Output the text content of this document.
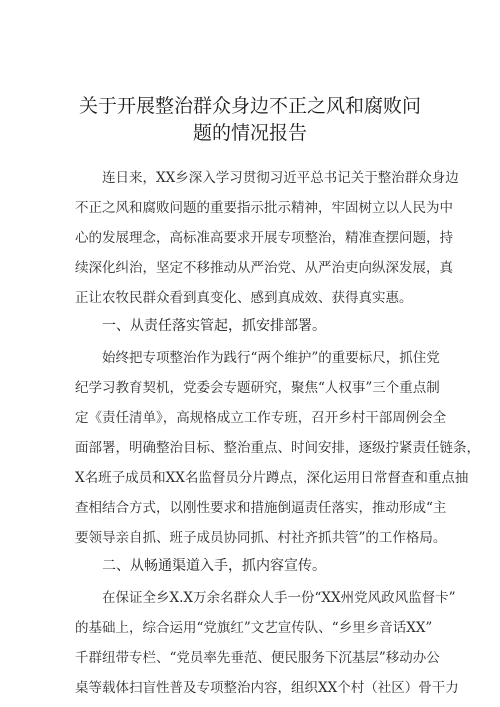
关于开展整治群众身边不正之风和腐败问
题的情况报告
连日来，XX乡深入学习贯彻习近平总书记关于整治群众身边
不正之风和腐败问题的重要指示批示精神，牢固树立以人民为中
心的发展理念，高标准高要求开展专项整治，精准查摆问题，持
续深化纠治，坚定不移推动从严治党、从严治吏向纵深发展，真
正让农牧民群众看到真变化、感到真成效、获得真实惠。
一、从责任落实管起，抓安排部署。
始终把专项整治作为践行“两个维护”的重要标尺，抓住党
纪学习教育契机，党委会专题研究，聚焦“人权事”三个重点制
定《责任清单》，高规格成立工作专班，召开乡村干部周例会全
面部署，明确整治目标、整治重点、时间安排，逐级拧紧责任链条，
X名班子成员和XX名监督员分片蹲点，深化运用日常督查和重点抽
查相结合方式，以刚性要求和措施倒逼责任落实，推动形成“主
要领导亲自抓、班子成员协同抓、村社齐抓共管”的工作格局。
二、从畅通渠道入手，抓内容宣传。
在保证全乡X.X万余名群众人手一份“XX州党风政风监督卡”
的基础上，综合运用“党旗红”文艺宣传队、“乡里乡音话XX”
千群纽带专栏、“党员率先垂范、便民服务下沉基层”移动办公
桌等载体扫盲性普及专项整治内容，组织XX个村（社区）骨干力
